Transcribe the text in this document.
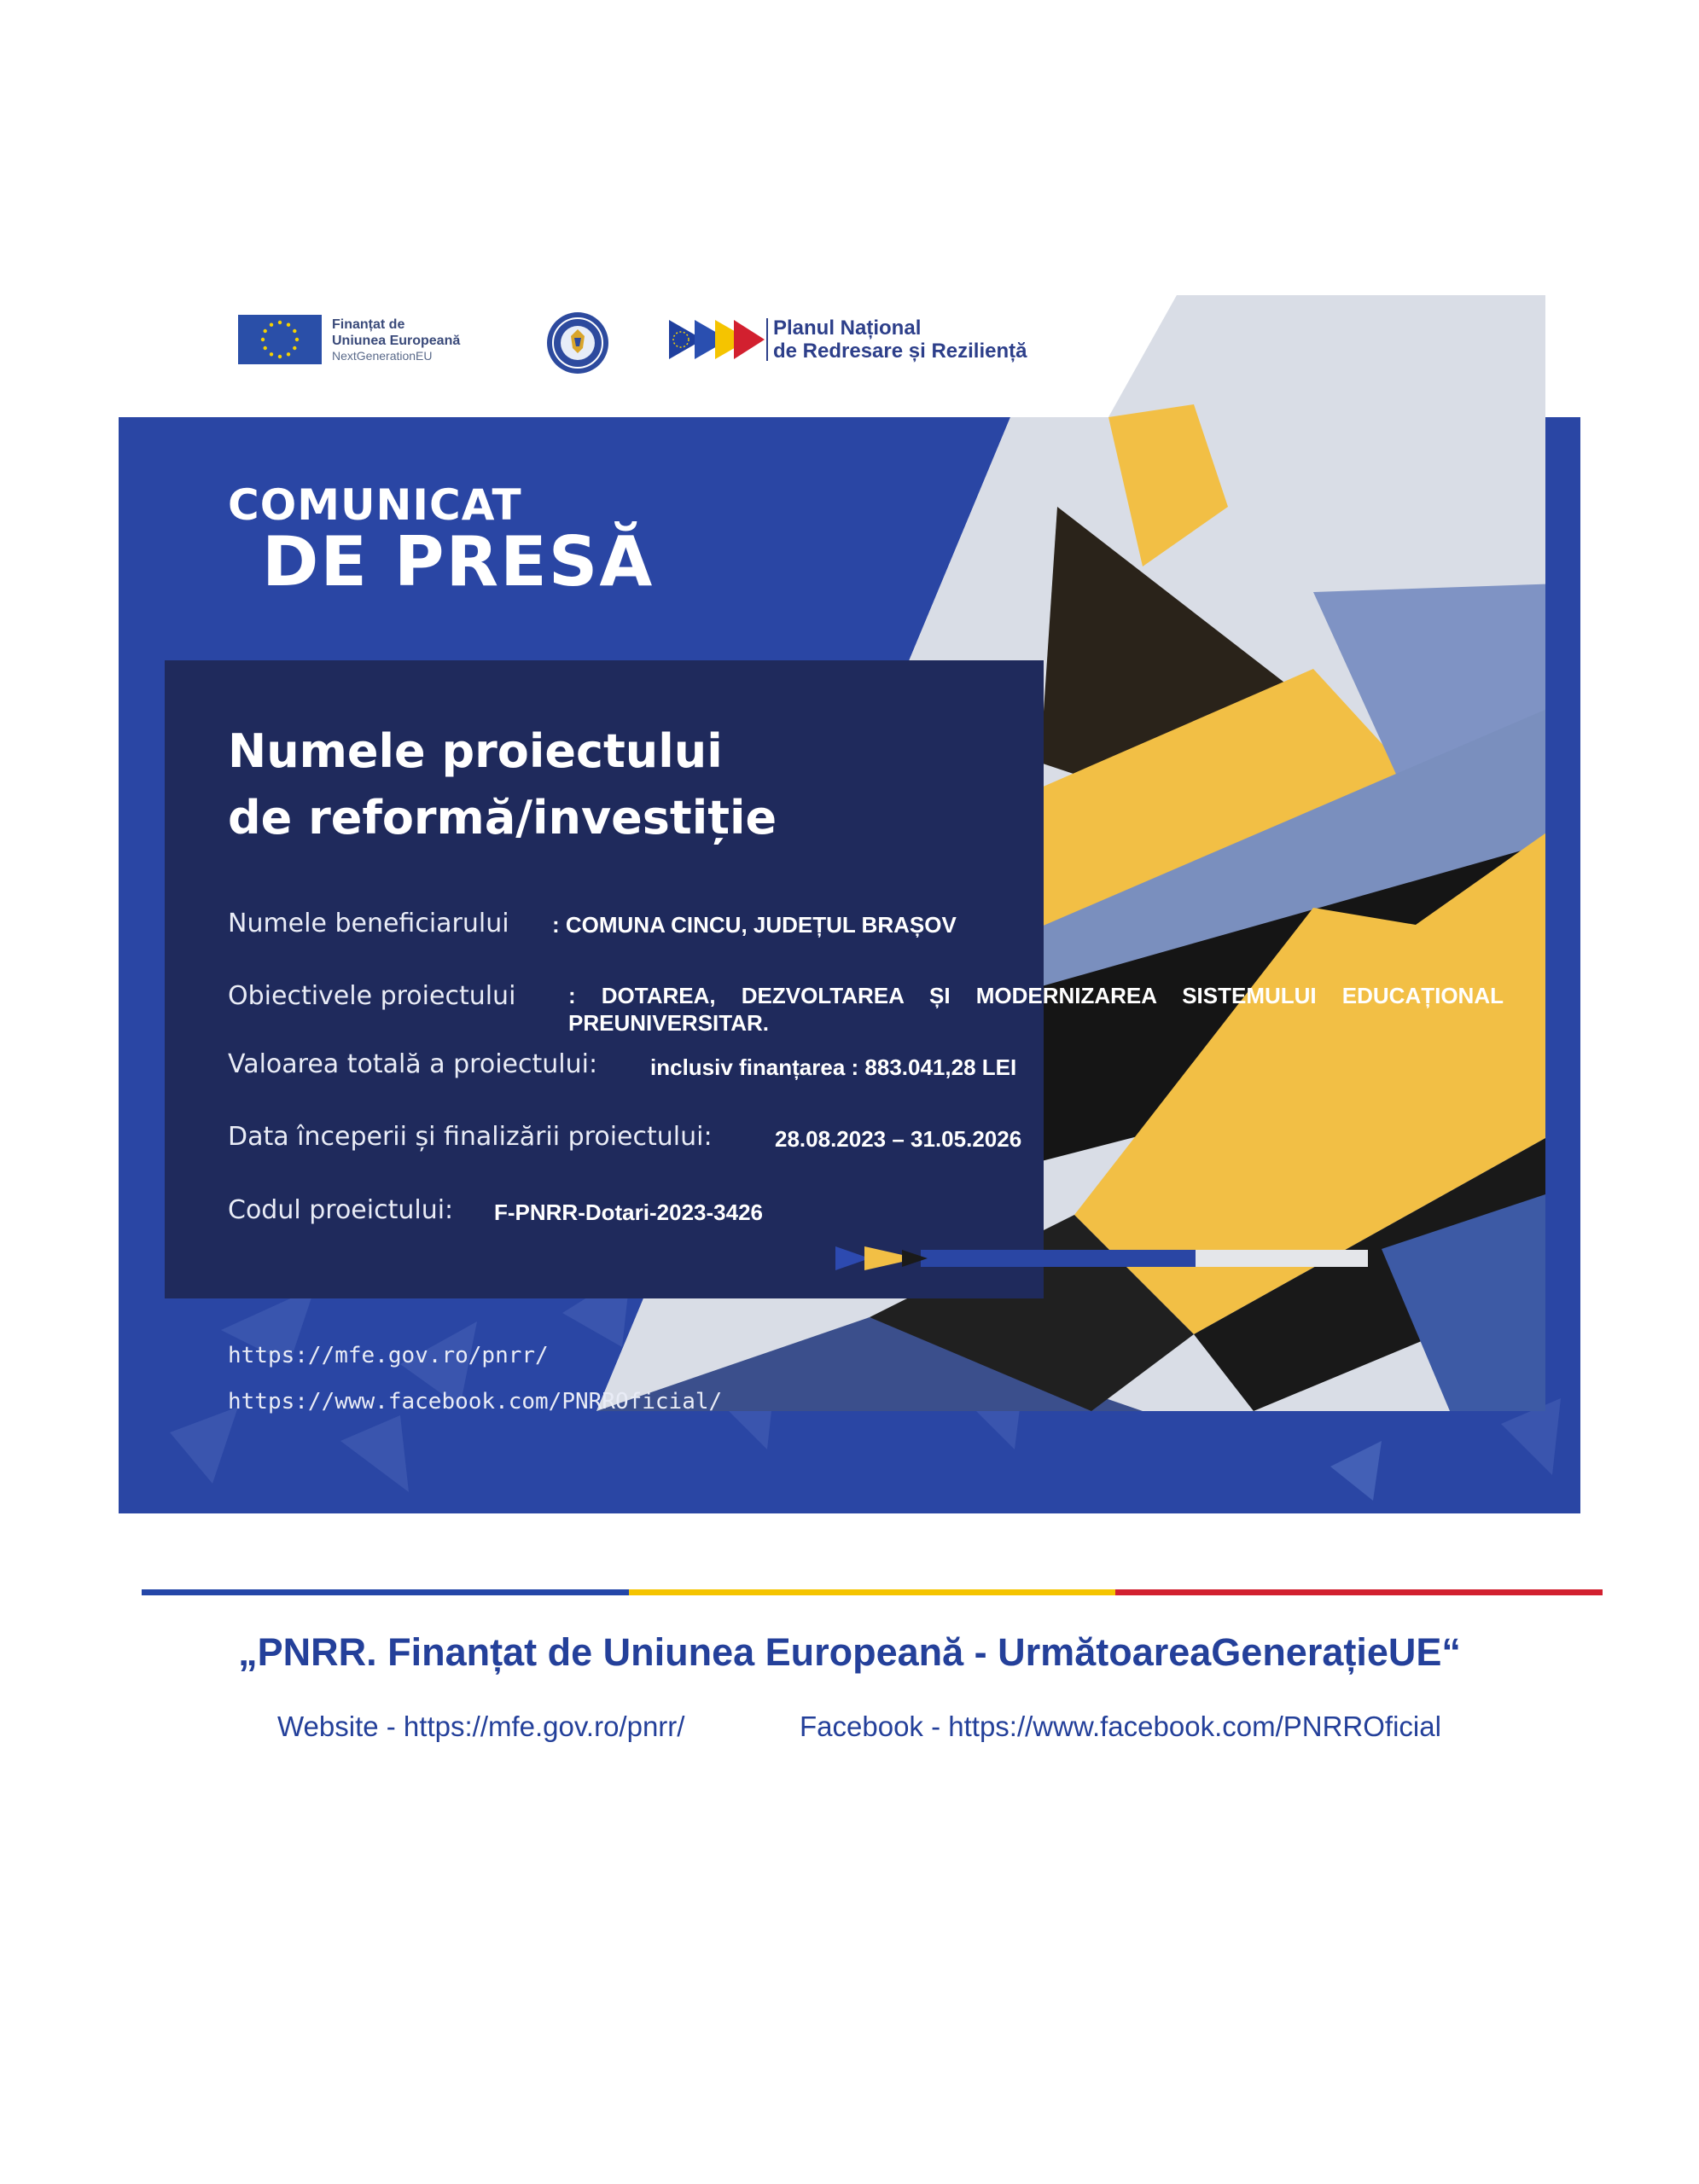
Finanțat de
Uniunea Europeană
NextGenerationEU
Planul Național
de Redresare și Reziliență
COMUNICAT
DE PRESĂ
Numele proiectului
de reformă/investiție
Numele beneficiarului : COMUNA CINCU, JUDEȚUL BRAȘOV
Obiectivele proiectului : DOTAREA, DEZVOLTAREA ȘI MODERNIZAREA SISTEMULUI EDUCAȚIONAL PREUNIVERSITAR.
Valoarea totală a proiectului: inclusiv finanțarea : 883.041,28 LEI
Data începerii și finalizării proiectului:	28.08.2023 – 31.05.2026
Codul proeictului: F-PNRR-Dotari-2023-3426
https://mfe.gov.ro/pnrr/
https://www.facebook.com/PNRROficial/
„PNRR. Finanțat de Uniunea Europeană - UrmătoareaGenerațieUE“
Website - https://mfe.gov.ro/pnrr/	Facebook - https://www.facebook.com/PNRROficial
